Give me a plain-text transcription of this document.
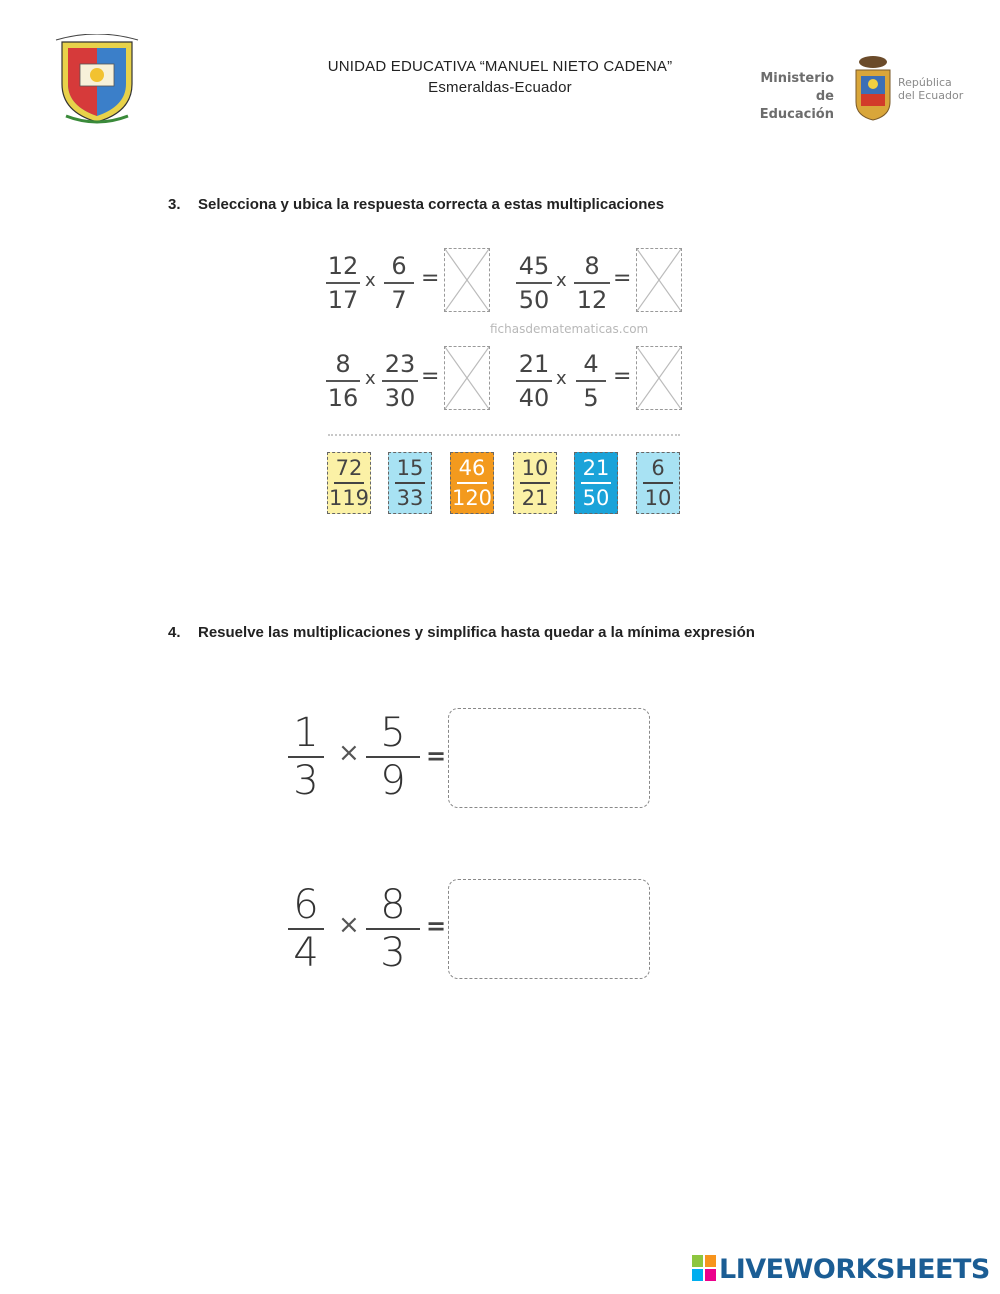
UNIDAD EDUCATIVA “MANUEL NIETO CADENA”
Esmeraldas-Ecuador
Ministerio
de Educación
República
del Ecuador
3. Selecciona y ubica la respuesta correcta a estas multiplicaciones
12
17
x
6
7
=	45
50
x
8
12
=
fichasdematematicas.com
8
16
x
23
30
=	21
40
x
4
5
=
72
119
15
33
46
120
10
21
21
50
6
10
4. Resuelve las multiplicaciones y simplifica hasta quedar a la mínima expresión
1
3
× 5
9
=
6
4
× 8
3
=
LIVEWORKSHEETS
